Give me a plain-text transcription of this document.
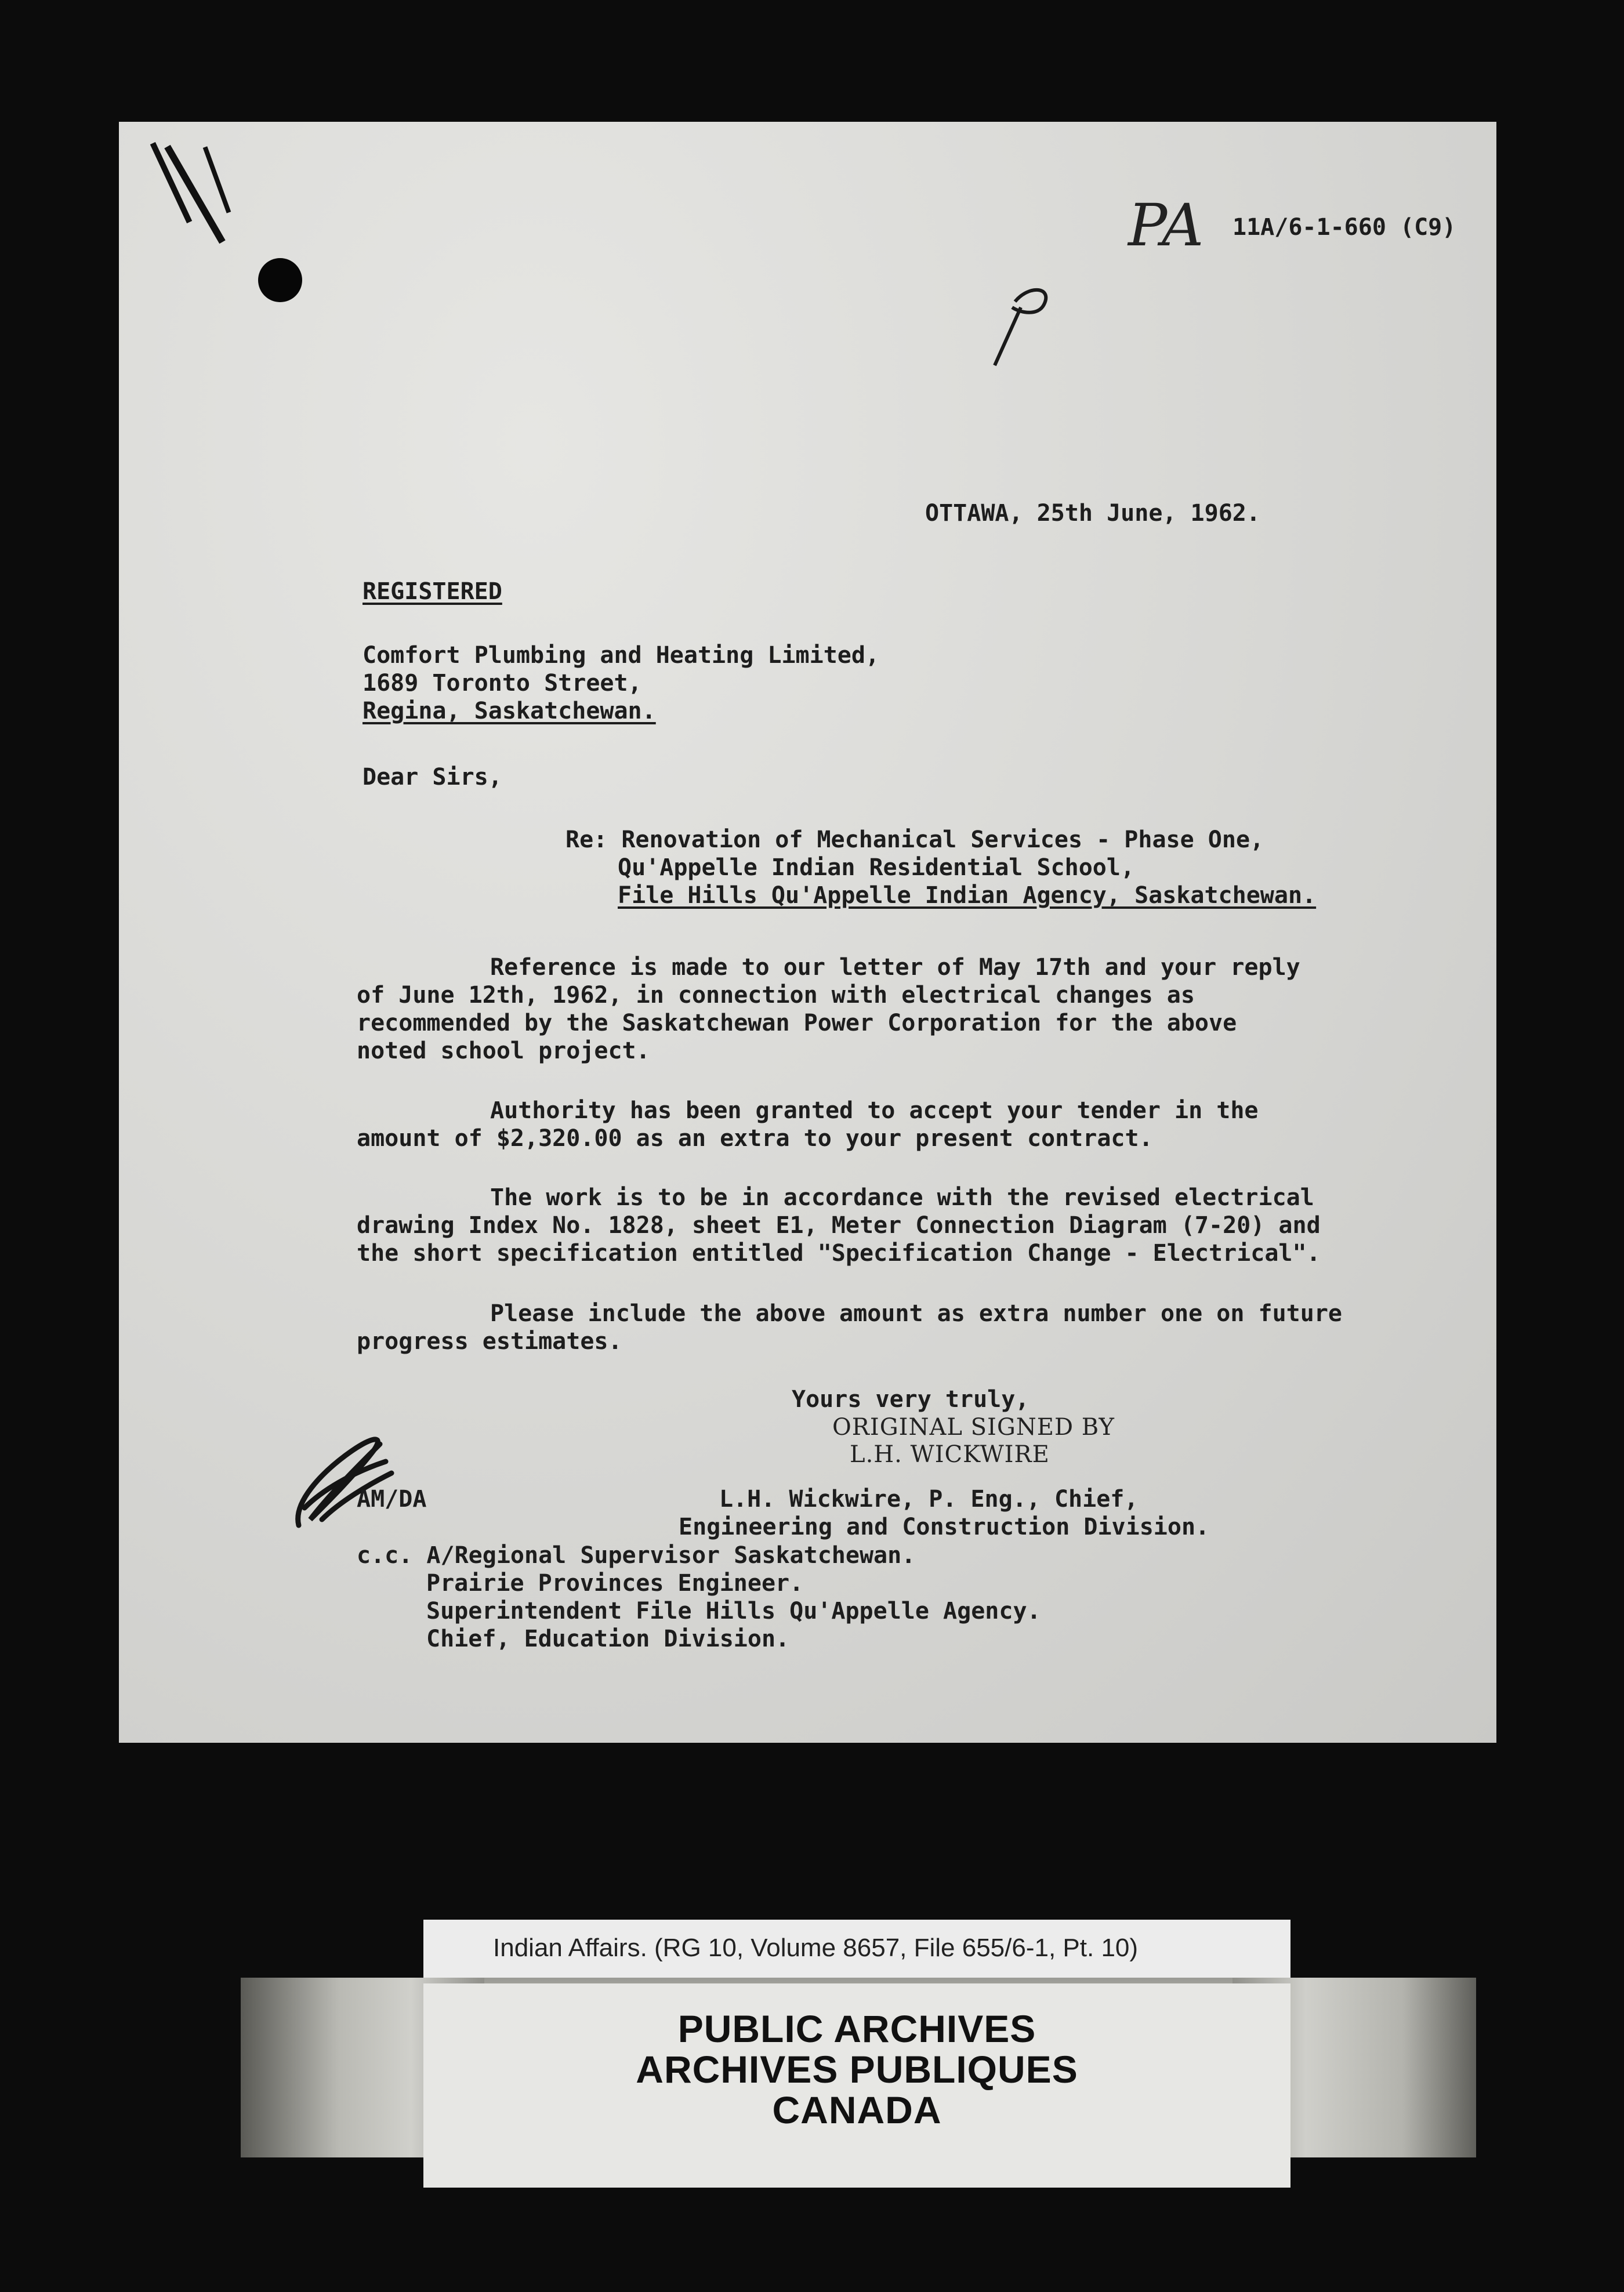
PA 11A/6-1-660 (C9)
OTTAWA, 25th June, 1962.
REGISTERED
Comfort Plumbing and Heating Limited,
1689 Toronto Street,
Regina, Saskatchewan.
Dear Sirs,
Re: Renovation of Mechanical Services - Phase One,
Qu'Appelle Indian Residential School,
File Hills Qu'Appelle Indian Agency, Saskatchewan.
Reference is made to our letter of May 17th and your reply
of June 12th, 1962, in connection with electrical changes as
recommended by the Saskatchewan Power Corporation for the above
noted school project.
Authority has been granted to accept your tender in the
amount of $2,320.00 as an extra to your present contract.
The work is to be in accordance with the revised electrical
drawing Index No. 1828, sheet E1, Meter Connection Diagram (7-20) and
the short specification entitled "Specification Change - Electrical".
Please include the above amount as extra number one on future
progress estimates.
Yours very truly,
ORIGINAL SIGNED BY
L.H. WICKWIRE
AM/DA	L.H. Wickwire, P. Eng., Chief,
Engineering and Construction Division.
c.c. A/Regional Supervisor Saskatchewan.
Prairie Provinces Engineer.
Superintendent File Hills Qu'Appelle Agency.
Chief, Education Division.
Indian Affairs. (RG 10, Volume 8657, File 655/6-1, Pt. 10)
PUBLIC ARCHIVES
ARCHIVES PUBLIQUES
CANADA
